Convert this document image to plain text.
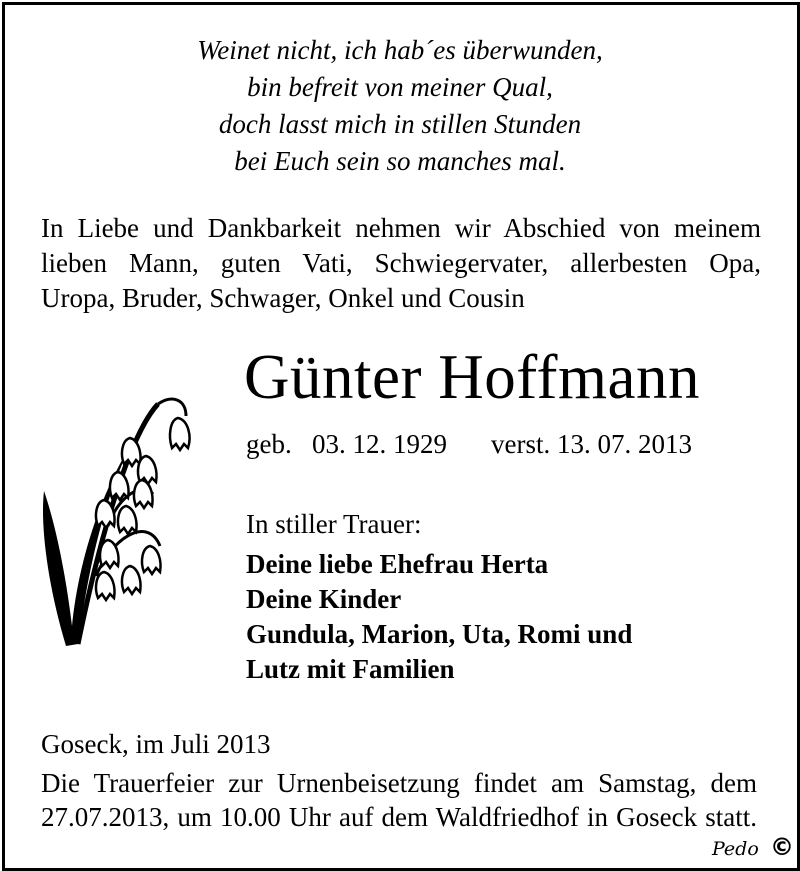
Weinet nicht, ich hab´es überwunden,
bin befreit von meiner Qual,
doch lasst mich in stillen Stunden
bei Euch sein so manches mal.
In Liebe und Dankbarkeit nehmen wir Abschied von meinem
lieben Mann, guten Vati, Schwiegervater, allerbesten Opa,
Uropa, Bruder, Schwager, Onkel und Cousin
Günter Hoffmann
geb.   03. 12. 1929 verst. 13. 07. 2013
In stiller Trauer:
Deine liebe Ehefrau Herta
Deine Kinder
Gundula, Marion, Uta, Romi und
Lutz mit Familien
Goseck, im Juli 2013
Die Trauerfeier zur Urnenbeisetzung findet am Samstag, dem
27.07.2013, um 10.00 Uhr auf dem Waldfriedhof in Goseck statt.
Pedo ©
